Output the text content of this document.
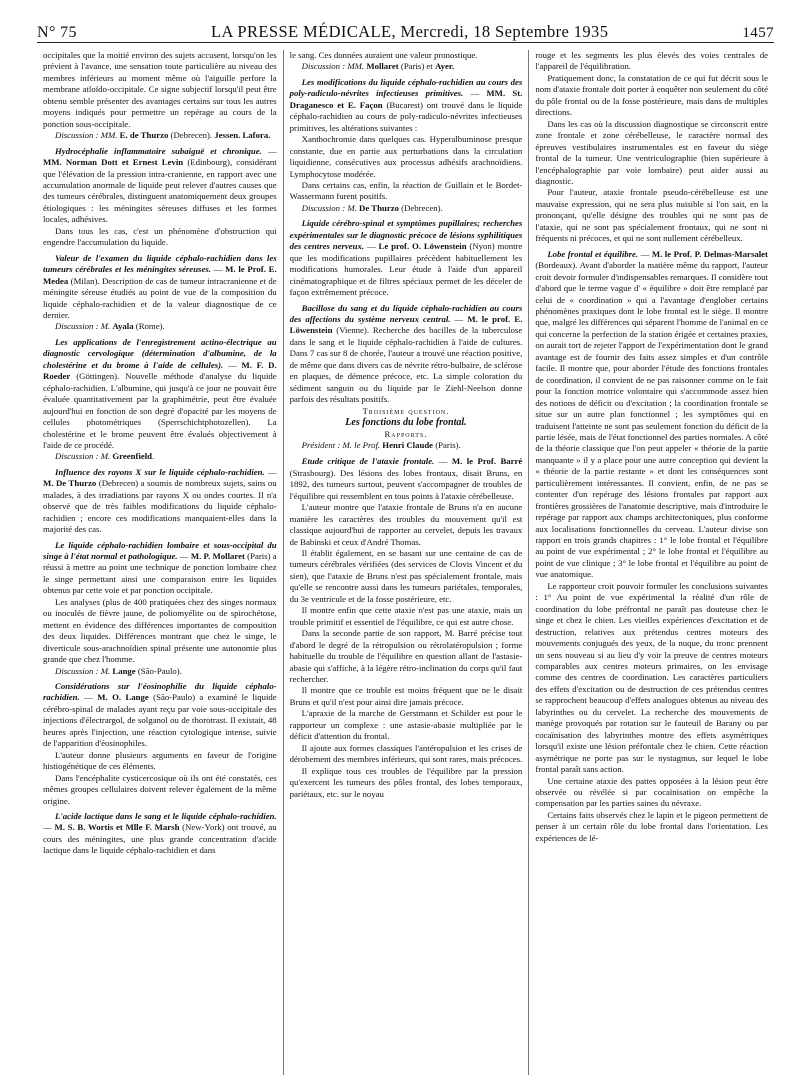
N° 75	LA PRESSE MÉDICALE, Mercredi, 18 Septembre 1935	1457

occipitales que la moitié environ des sujets accusent, lorsqu'on les prévient à l'avance, une sensation toute particulière au niveau des membres inférieurs au moment même où l'aiguille perfore la membrane atloïdo-occipitale. Ce signe subjectif lorsqu'il peut être obtenu semble présenter des avantages certains sur tous les autres moyens indiqués pour permettre un repérage au cours de la ponction sous-occipitale.

Discussion : MM. E. de Thurzo (Debrecen). Jessen. Lafora.

Hydrocéphalie inflammatoire subaiguë et chronique. — MM. Norman Dott et Ernest Levin (Edinbourg), considérant que l'élévation de la pression intra-cranienne, en rapport avec une accumulation anormale de liquide peut relever d'autres causes que des tumeurs cérébrales, distinguent anatomiquement deux groupes étiologiques : les méningites séreuses diffuses et les formes locales, adhésives.

Dans tous les cas, c'est un phénomène d'obstruction qui engendre l'accumulation du liquide.

Valeur de l'examen du liquide céphalo-rachidien dans les tumeurs cérébrales et les méningites séreuses. — M. le Prof. E. Medea (Milan). Description de cas de tumeur intracranienne et de méningite séreuse étudiés au point de vue de la composition du liquide céphalo-rachidien et de la valeur diagnostique de ce dernier.

Discussion : M. Ayala (Rome).

Les applications de l'enregistrement actino-électrique au diagnostic cervologique (détermination d'albumine, de la cholestérine et du brome à l'aide de cellules). — M. F. D. Roeder (Göttingen). Nouvelle méthode d'analyse du liquide céphalo-rachidien. L'albumine, qui jusqu'à ce jour ne pouvait être évaluée quantitativement par la graphimétrie, peut être évaluée aujourd'hui en fonction de son degré d'opacité par les moyens de cellules photométriques (Sperrschichtphotozellen). La cholestérine et le brome peuvent être évalués objectivement à l'aide de ce procédé.

Discussion : M. Greenfield.

Influence des rayons X sur le liquide céphalo-rachidien. — M. De Thurzo (Debrecen) a soumis de nombreux sujets, sains ou malades, à des irradiations par rayons X ou ondes courtes. Il n'a observé que de très faibles modifications du liquide céphalo-rachidien ; encore ces modifications manquaient-elles dans la majorité des cas.

Le liquide céphalo-rachidien lombaire et sous-occipital du singe à l'état normal et pathologique. — M. P. Mollaret (Paris) a réussi à mettre au point une technique de ponction lombaire chez le singe permettant ainsi une comparaison entre les liquides obtenus par cette voie et par ponction occipitale.

Les analyses (plus de 400 pratiquées chez des singes normaux ou inoculés de fièvre jaune, de poliomyélite ou de spirochétose, mettent en évidence des différences importantes de composition des deux liquides. Différences montrant que chez le singe, le diverticule sous-arachnoïdien spinal présente une autonomie plus grande que chez l'homme.

Discussion : M. Lange (São-Paulo).

Considérations sur l'éosinophilie du liquide céphalo-rachidien. — M. O. Lange (São-Paulo) a examiné le liquide cérébro-spinal de malades ayant reçu par voie sous-occipitale des injections d'électrargol, de solganol ou de thorotrast. Il existait, 48 heures après l'injection, une réaction cytologique intense, suivie de l'apparition d'éosinophiles.

L'auteur donne plusieurs arguments en faveur de l'origine histiogénétique de ces éléments.

Dans l'encéphalite cysticercosique où ils ont été constatés, ces mêmes groupes cellulaires doivent relever également de la même origine.

L'acide lactique dans le sang et le liquide céphalo-rachidien. — M. S. B. Wortis et Mlle F. Marsh (New-York) ont trouvé, au cours des méningites, une plus grande concentration d'acide lactique dans le liquide céphalo-rachidien et dans

le sang. Ces données auraient une valeur pronostique.

Discussion : MM. Mollaret (Paris) et Ayer.

Les modifications du liquide céphalo-rachidien au cours des poly-radiculo-névrites infectieuses primitives. — MM. St. Draganesco et E. Façon (Bucarest) ont trouvé dans le liquide céphalo-rachidien au cours de poly-radiculo-névrites infectieuses primitives, les altérations suivantes :

Xanthochromie dans quelques cas. Hyperalbuminose presque constante, due en partie aux perturbations dans la circulation liquidienne, consécutives aux processus adhésifs arachnoïdiens. Lymphocytose modérée.

Dans certains cas, enfin, la réaction de Guillain et le Bordet-Wassermann furent positifs.

Discussion : M. De Thurzo (Debrecen).

Liquide cérébro-spinal et symptômes pupillaires; recherches expérimentales sur le diagnostic précoce de lésions syphilitiques des centres nerveux. — Le prof. O. Löwenstein (Nyon) montre que les modifications pupillaires précèdent habituellement les modifications humorales. Leur étude à l'aide d'un appareil cinématographique et de filtres spéciaux permet de les déceler de façon extrêmement précoce.

Bacillose du sang et du liquide céphalo-rachidien au cours des affections du système nerveux central. — M. le prof. E. Löwenstein (Vienne). Recherche des bacilles de la tuberculose dans le sang et le liquide céphalo-rachidien à l'aide de cultures. Dans 7 cas sur 8 de chorée, l'auteur a trouvé une réaction positive, de même que dans divers cas de névrite rétro-bulbaire, de sclérose en plaques, de démence précoce, etc. La simple coloration du sédiment sanguin ou du liquide par le Ziehl-Neelson donne parfois des résultats positifs.

Troisième question.

Les fonctions du lobe frontal.

Rapports.

Président : M. le Prof. Henri Claude (Paris).

Etude critique de l'ataxie frontale. — M. le Prof. Barré (Strasbourg). Des lésions des lobes frontaux, disait Bruns, en 1892, des tumeurs surtout, peuvent s'accompagner de troubles de l'équilibre qui ressemblent en tous points à l'ataxie cérébelleuse.

L'auteur montre que l'ataxie frontale de Bruns n'a en aucune manière les caractères des troubles du mouvement qu'il est classique aujourd'hui de rapporter au cervelet, depuis les travaux de Babinski et ceux d'André Thomas.

Il établit également, en se basant sur une centaine de cas de tumeurs cérébrales vérifiées (des services de Clovis Vincent et du sien), que l'ataxie de Bruns n'est pas spécialement frontale, mais qu'elle se rencontre aussi dans les tumeurs pariétales, temporales, du 3e ventricule et de la fosse postérieure, etc.

Il montre enfin que cette ataxie n'est pas une ataxie, mais un trouble primitif et essentiel de l'équilibre, ce qui est autre chose.

Dans la seconde partie de son rapport, M. Barré précise tout d'abord le degré de la rétropulsion ou rétrolatéropulsion ; forme habituelle du trouble de l'équilibre en question allant de l'astasie-abasie qui s'affiche, à la légère rétro-inclination du corps qu'il faut rechercher.

Il montre que ce trouble est moins fréquent que ne le disait Bruns et qu'il n'est pour ainsi dire jamais précoce.

L'apraxie de la marche de Gerstmann et Schilder est pour le rapporteur un complexe : une astasie-abasie multipliée par le déficit d'attention du frontal.

Il ajoute aux formes classiques l'antéropulsion et les crises de dérobement des membres inférieurs, qui sont rares, mais précoces.

Il explique tous ces troubles de l'équilibre par la pression qu'exercent les tumeurs des pôles frontal, des lobes temporaux, pariétaux, etc. sur le noyau

rouge et les segments les plus élevés des voies centrales de l'appareil de l'équilibration.

Pratiquement donc, la constatation de ce qui fut décrit sous le nom d'ataxie frontale doit porter à enquêter non seulement du côté du pôle frontal ou de la fosse postérieure, mais dans de multiples directions.

Dans les cas où la discussion diagnostique se circonscrit entre zone frontale et zone cérébelleuse, le caractère normal des épreuves vestibulaires instrumentales est en faveur du siège frontal de la tumeur. Une ventriculographie (bien supérieure à l'encéphalographie par voie lombaire) peut aider aussi au diagnostic.

Pour l'auteur, ataxie frontale pseudo-cérébelleuse est une mauvaise expression, qui ne sera plus nuisible si l'on sait, en la prononçant, qu'elle désigne des troubles qui ne sont pas de l'ataxie, qui ne sont pas spécialement frontaux, qui ne sont ni fréquents ni précoces, et qui ne sont nullement cérébelleux.

Lobe frontal et équilibre. — M. le Prof. P. Delmas-Marsalet (Bordeaux). Avant d'aborder la matière même du rapport, l'auteur croit devoir formuler d'indispensables remarques. Il considère tout d'abord que le terme vague d' « équilibre » doit être remplacé par celui de « coordination » qui a l'avantage d'englober certains phénomènes praxiques dont le lobe frontal est le siège. Il montre que, malgré les différences qui séparent l'homme de l'animal en ce qui concerne la perfection de la station érigée et certaines praxies, on aurait tort de rejeter l'apport de l'expérimentation dont le grand avantage est de fournir des faits assez simples et d'un contrôle facile. Il montre que, pour aborder l'étude des fonctions frontales de coordination, il convient de ne pas raisonner comme on le fait pour la fonction motrice volontaire qui s'accommode assez bien des notions de déficit ou d'excitation ; la coordination frontale se situe sur un autre plan fonctionnel ; les symptômes qui en traduisent l'atteinte ne sont pas seulement fonction du déficit de la partie lésée, mais de l'état fonctionnel des parties normales. A côté de la théorie classique que l'on peut appeler « théorie de la partie manquante » il y a place pour une autre conception qui devient la « théorie de la partie restante » et dont les conséquences sont particulièrement intéressantes. Il convient, enfin, de ne pas se contenter d'un repérage des lésions frontales par rapport aux frontières grossières de l'anatomie descriptive, mais d'introduire le repérage par rapport aux champs architectoniques, plus conforme aux localisations fonctionnelles du cerveau. L'auteur divise son rapport en trois grands chapitres : 1° le lobe frontal et l'équilibre au point de vue expérimental ; 2° le lobe frontal et l'équilibre au point de vue clinique ; 3° le lobe frontal et l'équilibre au point de vue anatomique.

Le rapporteur croit pouvoir formuler les conclusions suivantes : 1° Au point de vue expérimental la réalité d'un rôle de coordination du lobe préfrontal ne paraît pas douteuse chez le singe et chez le chien. Les vieilles expériences d'excitation et de destruction, relatives aux prétendus centres moteurs des mouvements conjugués des yeux, de la nuque, du tronc prennent un sens nouveau si au lieu d'y voir la preuve de centres moteurs comparables aux centres moteurs primaires, on les envisage comme des centres de coordination. Les caractères particuliers des effets d'excitation ou de destruction de ces prétendus centres se rapprochent beaucoup d'effets analogues obtenus au niveau des labyrinthes ou du cervelet. La recherche des mouvements de manège provoqués par rotation sur le fauteuil de Barany ou par cocaïnisation des labyrinthes montre des effets asymétriques lorsqu'il existe une lésion préfontale chez le chien. Cette réaction asymétrique ne porte pas sur le nystagmus, sur lequel le lobe frontal paraît sans action.

Une certaine ataxie des pattes opposées à la lésion peut être observée ou révélée si par cocaïnisation on empêche la compensation par les parties saines du névraxe.

Certains faits observés chez le lapin et le pigeon permettent de penser à un certain rôle du lobe frontal dans l'orientation. Les expériences de lé-
